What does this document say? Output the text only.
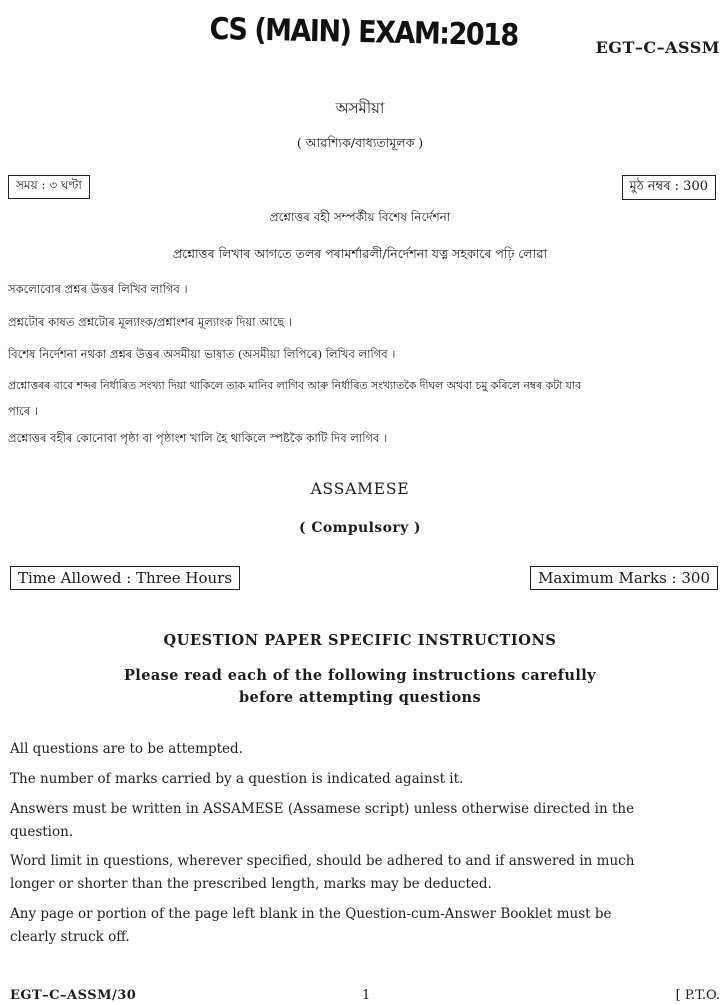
CS (MAIN) EXAM:2018	EGT–C–ASSM
অসমীয়া
( আৱশ্যিক/বাধ্যতামূলক )
সময় : ৩ ঘণ্টা	মুঠ নম্বৰ : 300
প্ৰশ্নোত্তৰ বহী সম্পৰ্কীয় বিশেষ নিৰ্দেশনা
প্ৰশ্নোত্তৰ লিখাৰ আগতে তলৰ পৰামৰ্শাৱলী/নিৰ্দেশনা যত্ন সহকাৰে পঢ়ি লোৱা
সকলোবোৰ প্ৰশ্নৰ উত্তৰ লিখিব লাগিব ।
প্ৰশ্নটোৰ কাষত প্ৰশ্নটোৰ মূল্যাংক/প্ৰশ্নাংশৰ মূল্যাংক দিয়া আছে ।
বিশেষ নিৰ্দেশনা নথকা প্ৰশ্নৰ উত্তৰ অসমীয়া ভাষাত (অসমীয়া লিপিৰে) লিখিব লাগিব ।
প্ৰশ্নোত্তৰৰ বাবে শব্দৰ নিৰ্ধাৰিত সংখ্যা দিয়া থাকিলে তাক মানিব লাগিব আৰু নিৰ্ধাৰিত সংখ্যাতকৈ দীঘল অথবা চমু কৰিলে নম্বৰ কটা যাব
পাৰে ।
প্ৰশ্নোত্তৰ বহীৰ কোনোবা পৃষ্ঠা বা পৃষ্ঠাংশ খালি হৈ থাকিলে স্পষ্টকৈ কাটি দিব লাগিব ।
ASSAMESE
( Compulsory )
Time Allowed : Three Hours	Maximum Marks : 300
QUESTION PAPER SPECIFIC INSTRUCTIONS
Please read each of the following instructions carefully
before attempting questions
All questions are to be attempted.
The number of marks carried by a question is indicated against it.
Answers must be written in ASSAMESE (Assamese script) unless otherwise directed in the
question.
Word limit in questions, wherever specified, should be adhered to and if answered in much
longer or shorter than the prescribed length, marks may be deducted.
Any page or portion of the page left blank in the Question-cum-Answer Booklet must be
clearly struck off.
EGT–C–ASSM/30	1	[ P.T.O.
